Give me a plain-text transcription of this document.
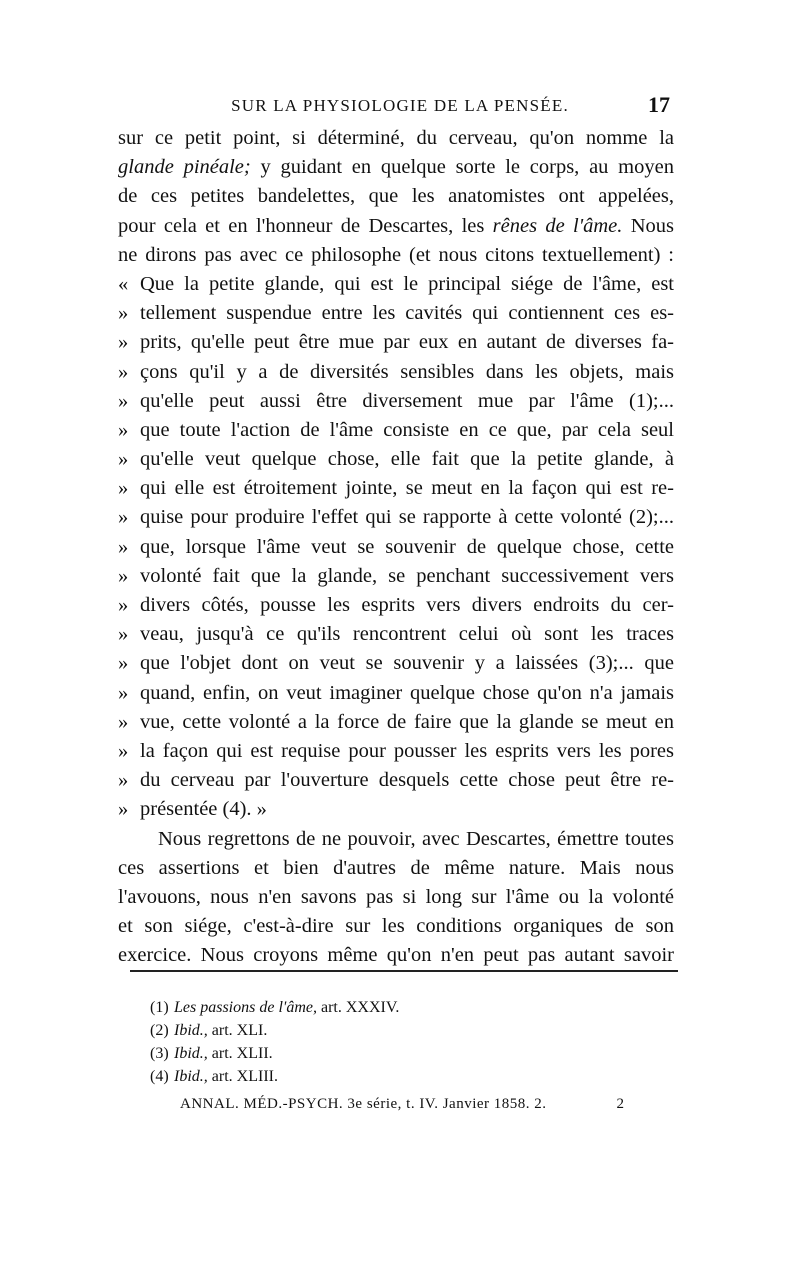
SUR LA PHYSIOLOGIE DE LA PENSÉE.	17
sur ce petit point, si déterminé, du cerveau, qu'on nomme la
glande pinéale; y guidant en quelque sorte le corps, au moyen
de ces petites bandelettes, que les anatomistes ont appelées,
pour cela et en l'honneur de Descartes, les rênes de l'âme. Nous
ne dirons pas avec ce philosophe (et nous citons textuellement) :
« Que la petite glande, qui est le principal siége de l'âme, est
» tellement suspendue entre les cavités qui contiennent ces es-
» prits, qu'elle peut être mue par eux en autant de diverses fa-
» çons qu'il y a de diversités sensibles dans les objets, mais
» qu'elle peut aussi être diversement mue par l'âme (1);...
» que toute l'action de l'âme consiste en ce que, par cela seul
» qu'elle veut quelque chose, elle fait que la petite glande, à
» qui elle est étroitement jointe, se meut en la façon qui est re-
» quise pour produire l'effet qui se rapporte à cette volonté (2);...
» que, lorsque l'âme veut se souvenir de quelque chose, cette
» volonté fait que la glande, se penchant successivement vers
» divers côtés, pousse les esprits vers divers endroits du cer-
» veau, jusqu'à ce qu'ils rencontrent celui où sont les traces
» que l'objet dont on veut se souvenir y a laissées (3);... que
» quand, enfin, on veut imaginer quelque chose qu'on n'a jamais
» vue, cette volonté a la force de faire que la glande se meut en
» la façon qui est requise pour pousser les esprits vers les pores
» du cerveau par l'ouverture desquels cette chose peut être re-
» présentée (4). »
Nous regrettons de ne pouvoir, avec Descartes, émettre toutes
ces assertions et bien d'autres de même nature. Mais nous
l'avouons, nous n'en savons pas si long sur l'âme ou la volonté
et son siége, c'est-à-dire sur les conditions organiques de son
exercice. Nous croyons même qu'on n'en peut pas autant savoir
(1) Les passions de l'âme, art. XXXIV.
(2) Ibid., art. XLI.
(3) Ibid., art. XLII.
(4) Ibid., art. XLIII.
ANNAL. MÉD.-PSYCH. 3e série, t. IV. Janvier 1858. 2.	2
